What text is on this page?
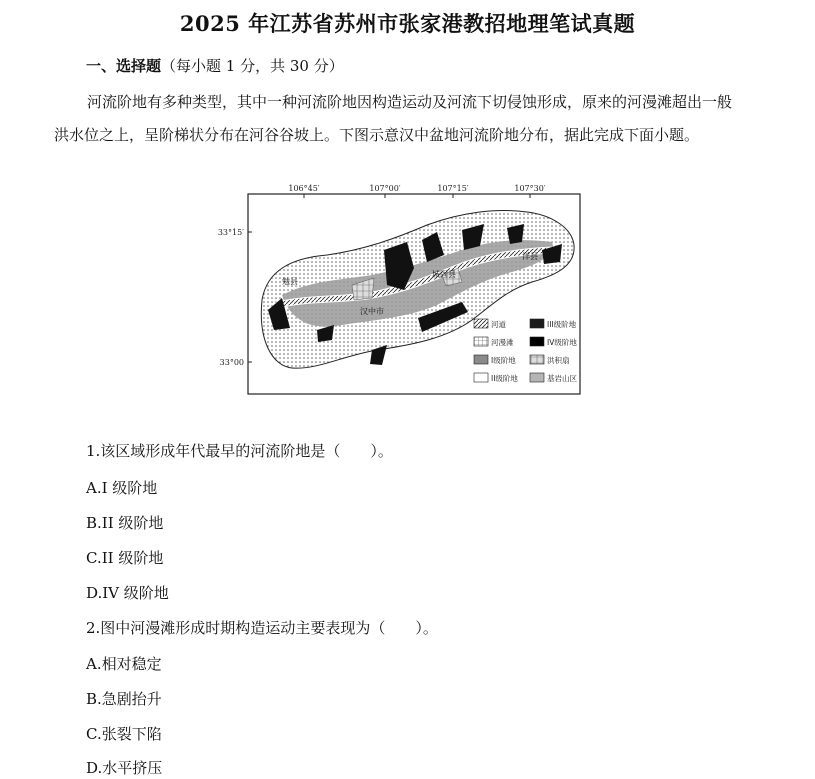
2025 年江苏省苏州市张家港教招地理笔试真题
一、选择题（每小题 1 分，共 30 分）
河流阶地有多种类型，其中一种河流阶地因构造运动及河流下切侵蚀形成，原来的河漫滩超出一般
洪水位之上，呈阶梯状分布在河谷谷坡上。下图示意汉中盆地河流阶地分布，据此完成下面小题。
106°45′	107°00′	107°15′	107°30′
33°15′
33°00
汉中市
城固县
洋县
勉县
河道
河漫滩
I级阶地
II级阶地
III级阶地
IV级阶地
洪积扇
基岩山区
1.该区域形成年代最早的河流阶地是（　　）。
A.I 级阶地
B.II 级阶地
C.II 级阶地
D.IV 级阶地
2.图中河漫滩形成时期构造运动主要表现为（　　）。
A.相对稳定
B.急剧抬升
C.张裂下陷
D.水平挤压
